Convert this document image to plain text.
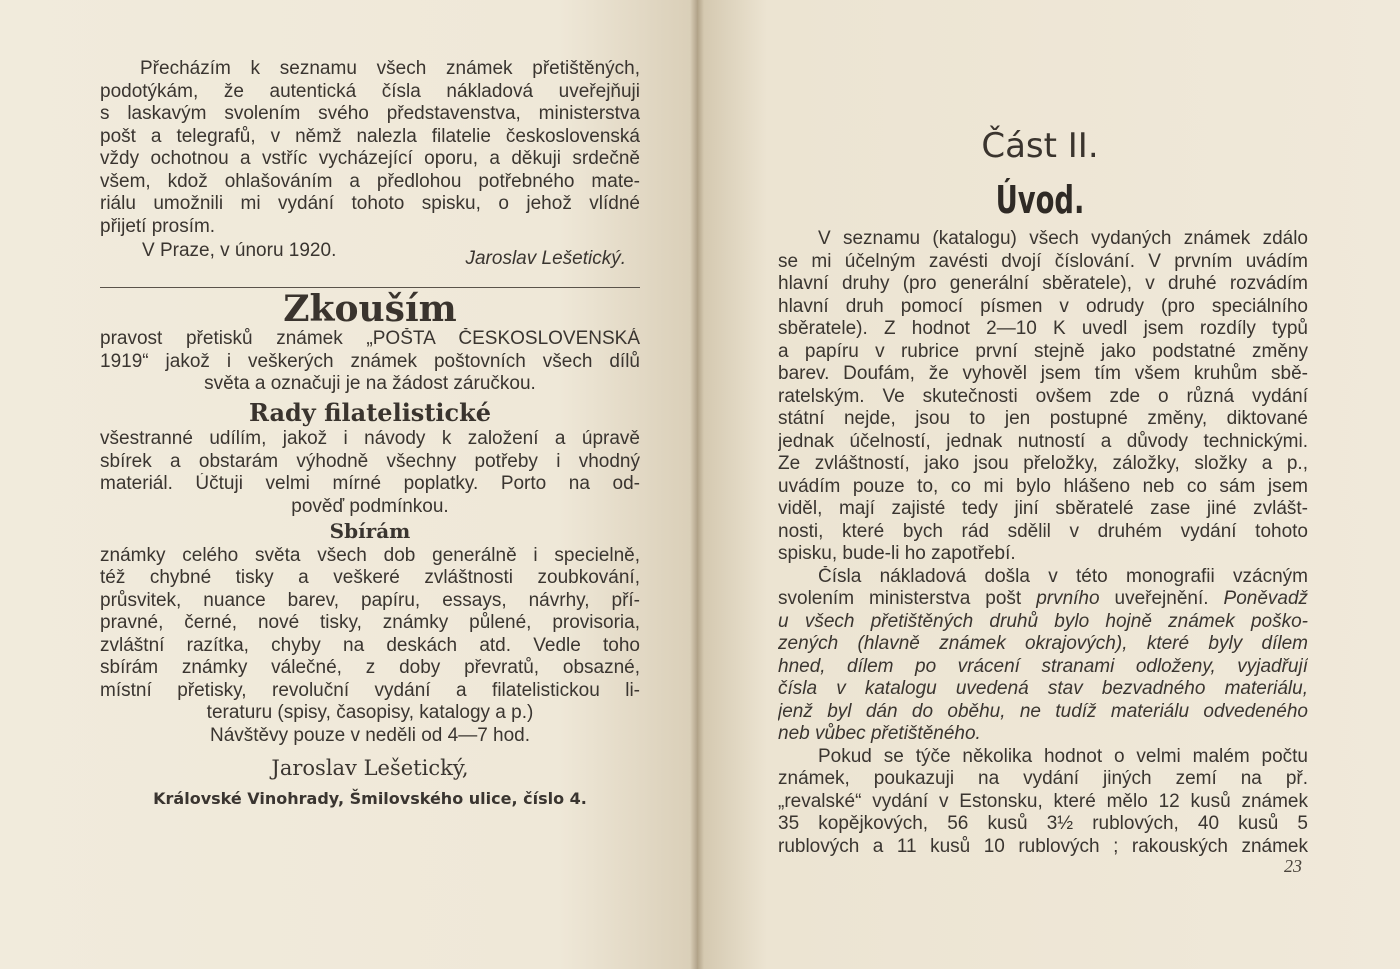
Přecházím k seznamu všech známek přetištěných,

podotýkám, že autentická čísla nákladová uveřejňuji

s laskavým svolením svého představenstva, ministerstva

pošt a telegrafů, v němž nalezla filatelie československá

vždy ochotnou a vstříc vycházející oporu, a děkuji srdečně

všem, kdož ohlašováním a předlohou potřebného mate-

riálu umožnili mi vydání tohoto spisku, o jehož vlídné

přijetí prosím.

V Praze, v únoru 1920.	Jaroslav Lešetický.

Zkouším

pravost přetisků známek „POŠTA ČESKOSLOVENSKÁ

1919“ jakož i veškerých známek poštovních všech dílů

světa a označuji je na žádost záručkou.

Rady filatelistické

všestranné udílím, jakož i návody k založení a úpravě

sbírek a obstarám výhodně všechny potřeby i vhodný

materiál. Účtuji velmi mírné poplatky. Porto na od-

pověď podmínkou.

Sbírám

známky celého světa všech dob generálně i specielně,

též chybné tisky a veškeré zvláštnosti zoubkování,

průsvitek, nuance barev, papíru, essays, návrhy, pří-

pravné, černé, nové tisky, známky půlené, provisoria,

zvláštní razítka, chyby na deskách atd. Vedle toho

sbírám známky válečné, z doby převratů, obsazné,

místní přetisky, revoluční vydání a filatelistickou li-

teraturu (spisy, časopisy, katalogy a p.)

Návštěvy pouze v neděli od 4—7 hod.

Jaroslav Lešetický,

Královské Vinohrady, Šmilovského ulice, číslo 4.

Část II.

Úvod.

V seznamu (katalogu) všech vydaných známek zdálo

se mi účelným zavésti dvojí číslování. V prvním uvádím

hlavní druhy (pro generální sběratele), v druhé rozvádím

hlavní druh pomocí písmen v odrudy (pro speciálního

sběratele). Z hodnot 2—10 K uvedl jsem rozdíly typů

a papíru v rubrice první stejně jako podstatné změny

barev. Doufám, že vyhověl jsem tím všem kruhům sbě-

ratelským. Ve skutečnosti ovšem zde o různá vydání

státní nejde, jsou to jen postupné změny, diktované

jednak účelností, jednak nutností a důvody technickými.

Ze zvláštností, jako jsou přeložky, záložky, složky a p.,

uvádím pouze to, co mi bylo hlášeno neb co sám jsem

viděl, mají zajisté tedy jiní sběratelé zase jiné zvlášt-

nosti, které bych rád sdělil v druhém vydání tohoto

spisku, bude-li ho zapotřebí.

Čísla nákladová došla v této monografii vzácným

svolením ministerstva pošt prvního uveřejnění. Poněvadž

u všech přetištěných druhů bylo hojně známek poško-

zených (hlavně známek okrajových), které byly dílem

hned, dílem po vrácení stranami odloženy, vyjadřují

čísla v katalogu uvedená stav bezvadného materiálu,

jenž byl dán do oběhu, ne tudíž materiálu odvedeného

neb vůbec přetištěného.

Pokud se týče několika hodnot o velmi malém počtu

známek, poukazuji na vydání jiných zemí na př.

„revalské“ vydání v Estonsku, které mělo 12 kusů známek

35 kopějkových, 56 kusů 3½ rublových, 40 kusů 5

rublových a 11 kusů 10 rublových ; rakouských známek

23
